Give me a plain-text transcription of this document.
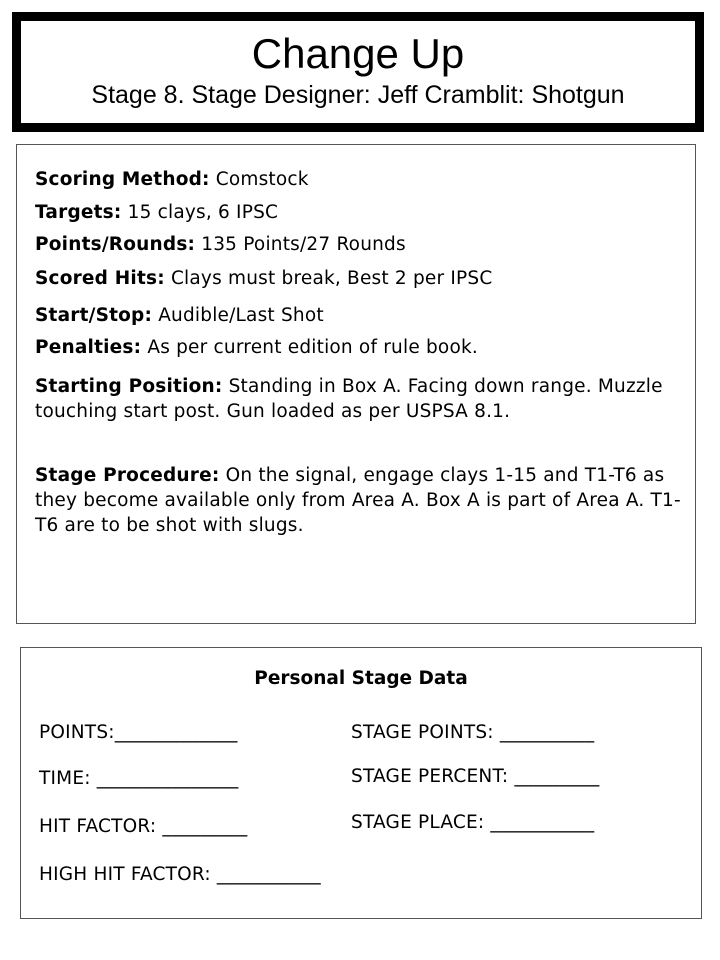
Change Up
Stage 8. Stage Designer: Jeff Cramblit: Shotgun
Scoring Method: Comstock
Targets: 15 clays, 6 IPSC
Points/Rounds: 135 Points/27 Rounds
Scored Hits: Clays must break, Best 2 per IPSC
Start/Stop: Audible/Last Shot
Penalties: As per current edition of rule book.
Starting Position: Standing in Box A. Facing down range. Muzzle touching start post. Gun loaded as per USPSA 8.1.
Stage Procedure: On the signal, engage clays 1-15 and T1-T6 as they become available only from Area A. Box A is part of Area A. T1-T6 are to be shot with slugs.
Personal Stage Data
POINTS:_____________
TIME: _______________
HIT FACTOR: _________
HIGH HIT FACTOR: ___________
STAGE POINTS: __________
STAGE PERCENT: _________
STAGE PLACE: ___________
